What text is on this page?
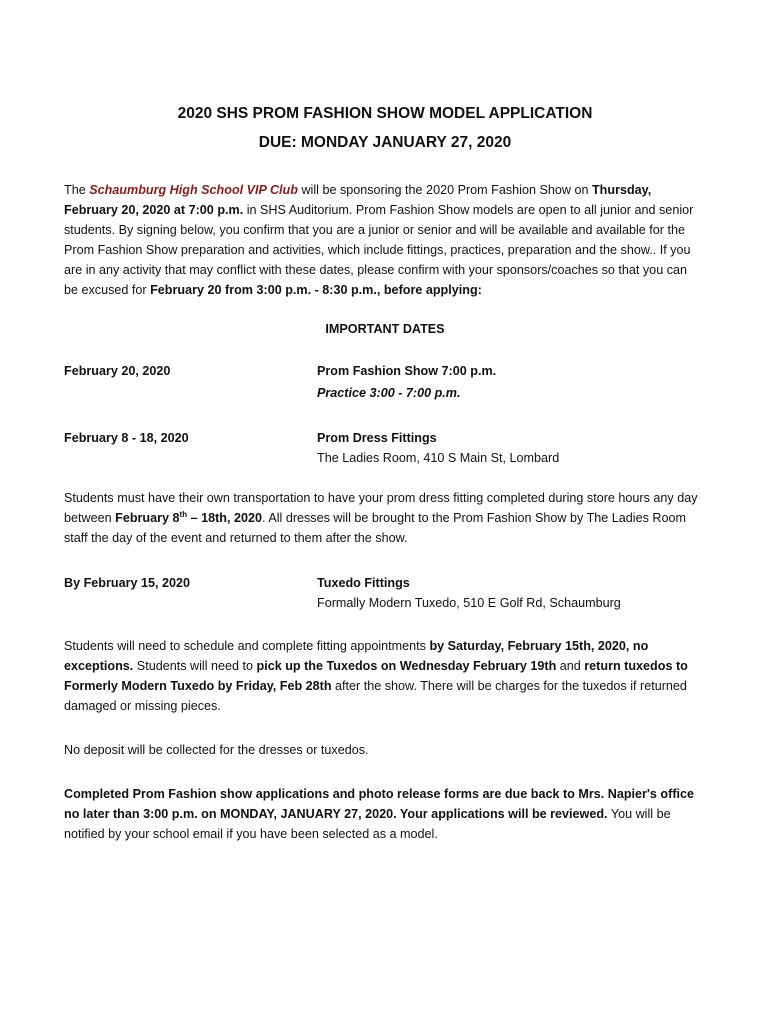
2020 SHS PROM FASHION SHOW MODEL APPLICATION
DUE: MONDAY JANUARY 27, 2020

The Schaumburg High School VIP Club will be sponsoring the 2020 Prom Fashion Show on Thursday, February 20, 2020 at 7:00 p.m. in SHS Auditorium. Prom Fashion Show models are open to all junior and senior students. By signing below, you confirm that you are a junior or senior and will be available and available for the Prom Fashion Show preparation and activities, which include fittings, practices, preparation and the show.. If you are in any activity that may conflict with these dates, please confirm with your sponsors/coaches so that you can be excused for February 20 from 3:00 p.m. - 8:30 p.m., before applying:

IMPORTANT DATES
February 20, 2020	Prom Fashion Show 7:00 p.m.
Practice 3:00 - 7:00 p.m.
February 8 - 18, 2020	Prom Dress Fittings
The Ladies Room, 410 S Main St, Lombard

Students must have their own transportation to have your prom dress fitting completed during store hours any day between February 8th – 18th, 2020. All dresses will be brought to the Prom Fashion Show by The Ladies Room staff the day of the event and returned to them after the show.

By February 15, 2020	Tuxedo Fittings
Formally Modern Tuxedo, 510 E Golf Rd, Schaumburg

Students will need to schedule and complete fitting appointments by Saturday, February 15th, 2020, no exceptions. Students will need to pick up the Tuxedos on Wednesday February 19th and return tuxedos to Formerly Modern Tuxedo by Friday, Feb 28th after the show. There will be charges for the tuxedos if returned damaged or missing pieces.

No deposit will be collected for the dresses or tuxedos.

Completed Prom Fashion show applications and photo release forms are due back to Mrs. Napier's office no later than 3:00 p.m. on MONDAY, JANUARY 27, 2020. Your applications will be reviewed. You will be notified by your school email if you have been selected as a model.
